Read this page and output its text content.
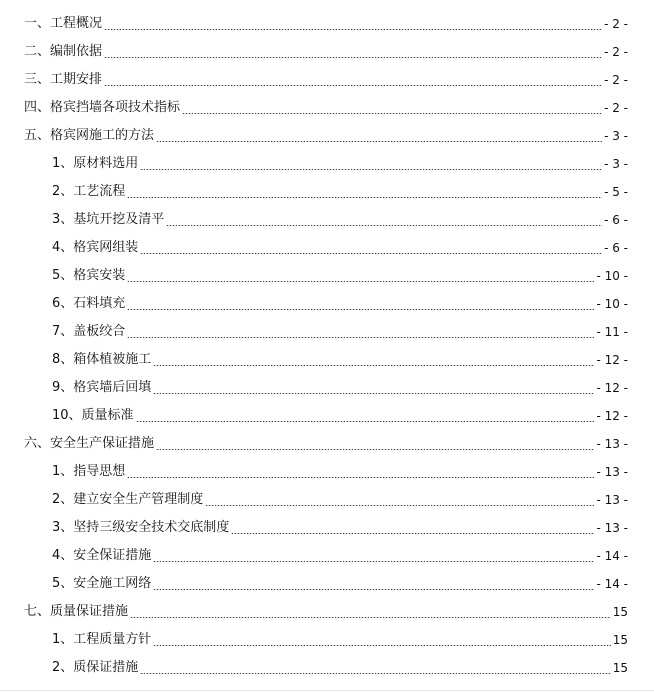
一、工程概况	- 2 -
二、编制依据	- 2 -
三、工期安排	- 2 -
四、格宾挡墙各项技术指标	- 2 -
五、格宾网施工的方法	- 3 -
1、原材料选用	- 3 -
2、工艺流程	- 5 -
3、基坑开挖及清平	- 6 -
4、格宾网组装	- 6 -
5、格宾安装	- 10 -
6、石料填充	- 10 -
7、盖板绞合	- 11 -
8、箱体植被施工	- 12 -
9、格宾墙后回填	- 12 -
10、质量标准	- 12 -
六、安全生产保证措施	- 13 -
1、指导思想	- 13 -
2、建立安全生产管理制度	- 13 -
3、坚持三级安全技术交底制度	- 13 -
4、安全保证措施	- 14 -
5、安全施工网络	- 14 -
七、质量保证措施	15
1、工程质量方针	15
2、质保证措施	15
